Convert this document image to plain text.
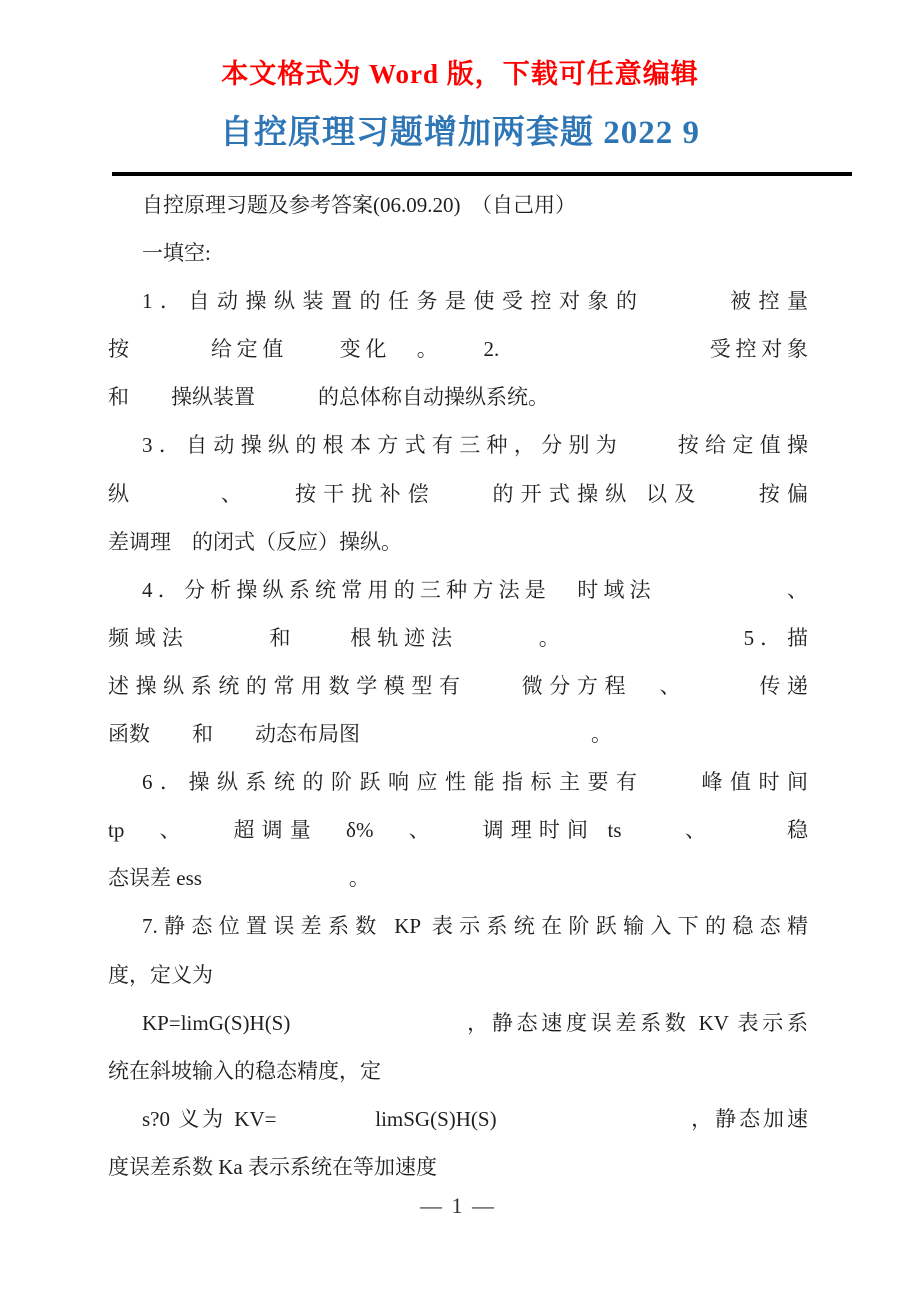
本文格式为 Word 版，下载可任意编辑
自控原理习题增加两套题 2022 9
自控原理习题及参考答案(06.09.20)　（自己用）
一填空:
1．自动操纵装置的任务是使受控对象的　　　被控量
按　　　给定值　　变化　。　　2.　　　　　　　　受控对象
和　　操纵装置　　　的总体称自动操纵系统。
3．自动操纵的根本方式有三种，分别为　　按给定值操
纵　　　、　　按干扰补偿　　的开式操纵 以及　　按偏
差调理　的闭式（反应）操纵。
4．分析操纵系统常用的三种方法是　时域法　　　　　、
频域法　　　和　　根轨迹法　　　。　　　　　　　5．描
述操纵系统的常用数学模型有　　微分方程　、　　　传递
函数　　和　　动态布局图　　　　　　　　　　　。
6．操纵系统的阶跃响应性能指标主要有　　峰值时间
tp　、　　超调量　δ%　、　　调理时间 ts　　、　　　稳
态误差 ess　　　　　　　。
7.静态位置误差系数 KP 表示系统在阶跃输入下的稳态精
度，定义为
KP=limG(S)H(S)　　　　　　　，静态速度误差系数 KV 表示系
统在斜坡输入的稳态精度，定
s?0 义为 KV=　　　　limSG(S)H(S)　　　　　　　　，静态加速
度误差系数 Ka 表示系统在等加速度
— 1 —
